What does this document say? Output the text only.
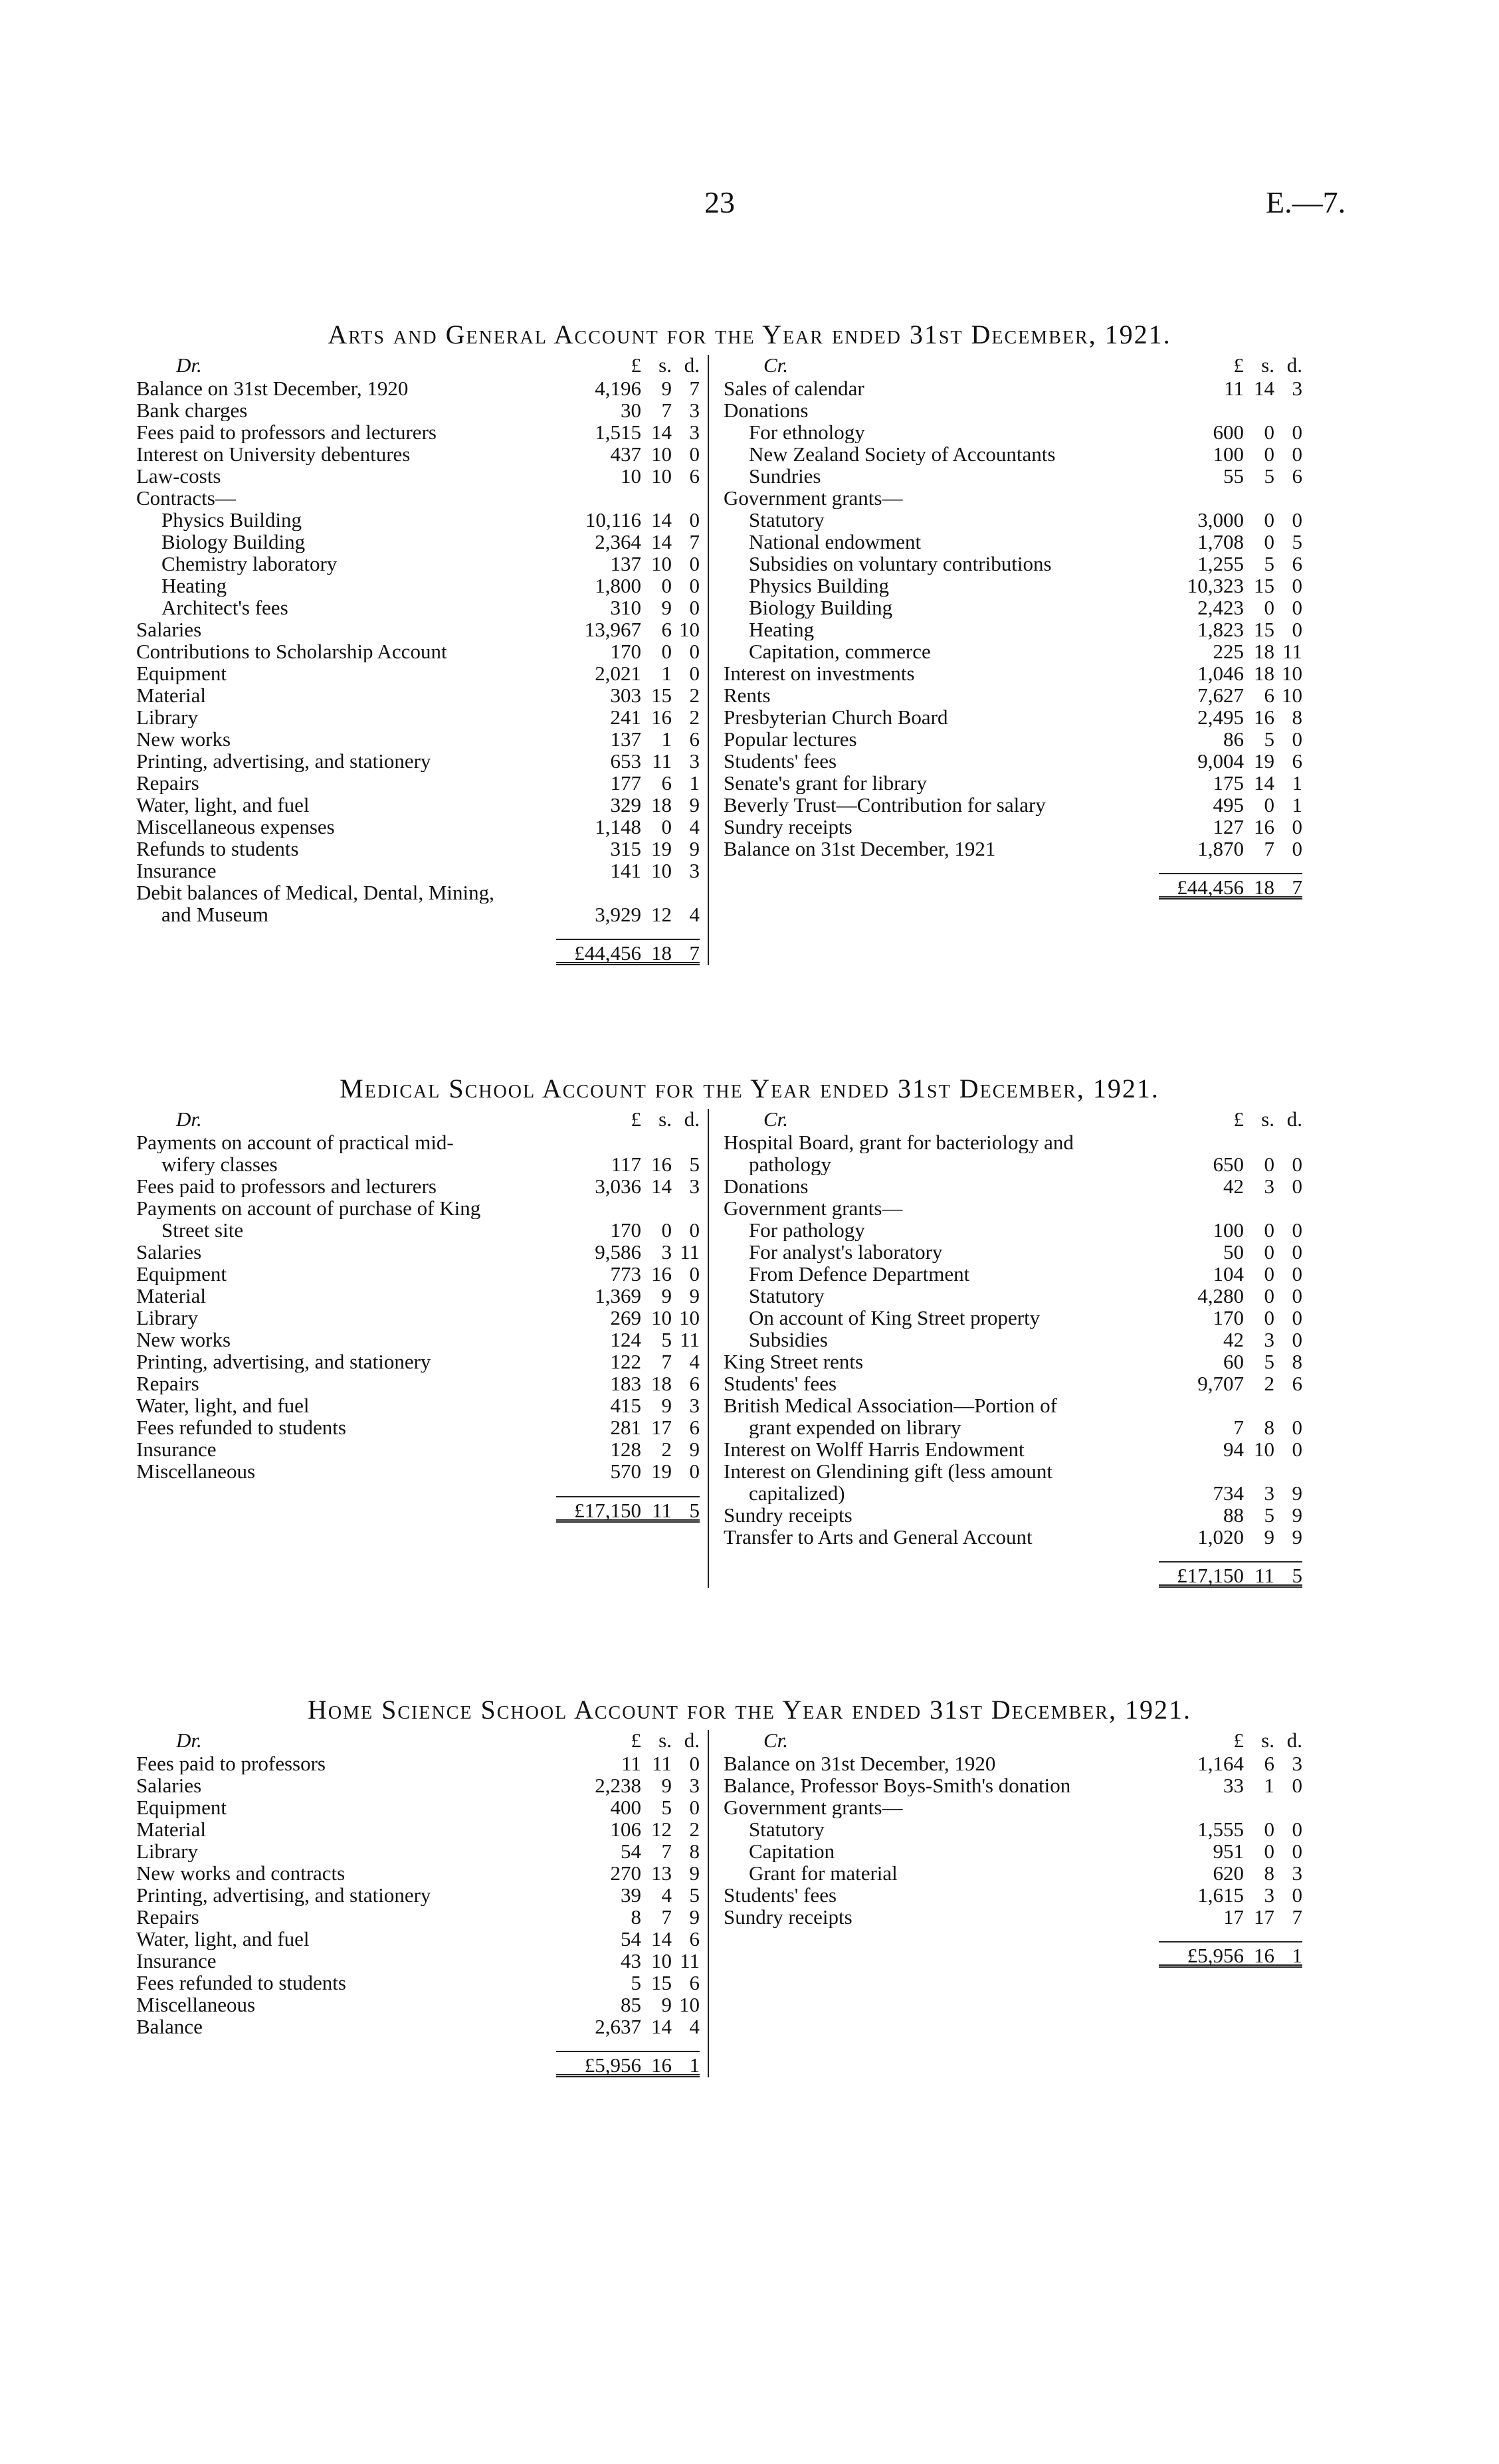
23	E.—7.
Arts and General Account for the Year ended 31st December, 1921.
Dr.	£ s. d.
Balance on 31st December, 1920	4,196 9 7
Bank charges	30 7 3
Fees paid to professors and lecturers	1,515 14 3
Interest on University debentures	437 10 0
Law-costs	10 10 6
Contracts—
Physics Building	10,116 14 0
Biology Building	2,364 14 7
Chemistry laboratory	137 10 0
Heating	1,800 0 0
Architect's fees	310 9 0
Salaries	13,967 6 10
Contributions to Scholarship Account	170 0 0
Equipment	2,021 1 0
Material	303 15 2
Library	241 16 2
New works	137 1 6
Printing, advertising, and stationery	653 11 3
Repairs	177 6 1
Water, light, and fuel	329 18 9
Miscellaneous expenses	1,148 0 4
Refunds to students	315 19 9
Insurance	141 10 3
Debit balances of Medical, Dental, Mining,
and Museum	3,929 12 4
£44,456 18 7
Cr.	£ s. d.
Sales of calendar	11 14 3
Donations
For ethnology	600 0 0
New Zealand Society of Accountants	100 0 0
Sundries	55 5 6
Government grants—
Statutory	3,000 0 0
National endowment	1,708 0 5
Subsidies on voluntary contributions	1,255 5 6
Physics Building	10,323 15 0
Biology Building	2,423 0 0
Heating	1,823 15 0
Capitation, commerce	225 18 11
Interest on investments	1,046 18 10
Rents	7,627 6 10
Presbyterian Church Board	2,495 16 8
Popular lectures	86 5 0
Students' fees	9,004 19 6
Senate's grant for library	175 14 1
Beverly Trust—Contribution for salary	495 0 1
Sundry receipts	127 16 0
Balance on 31st December, 1921	1,870 7 0
£44,456 18 7
Medical School Account for the Year ended 31st December, 1921.
Dr.	£ s. d.
Payments on account of practical mid-
wifery classes	117 16 5
Fees paid to professors and lecturers	3,036 14 3
Payments on account of purchase of King
Street site	170 0 0
Salaries	9,586 3 11
Equipment	773 16 0
Material	1,369 9 9
Library	269 10 10
New works	124 5 11
Printing, advertising, and stationery	122 7 4
Repairs	183 18 6
Water, light, and fuel	415 9 3
Fees refunded to students	281 17 6
Insurance	128 2 9
Miscellaneous	570 19 0
£17,150 11 5
Cr.	£ s. d.
Hospital Board, grant for bacteriology and
pathology	650 0 0
Donations	42 3 0
Government grants—
For pathology	100 0 0
For analyst's laboratory	50 0 0
From Defence Department	104 0 0
Statutory	4,280 0 0
On account of King Street property	170 0 0
Subsidies	42 3 0
King Street rents	60 5 8
Students' fees	9,707 2 6
British Medical Association—Portion of
grant expended on library	7 8 0
Interest on Wolff Harris Endowment	94 10 0
Interest on Glendining gift (less amount
capitalized)	734 3 9
Sundry receipts	88 5 9
Transfer to Arts and General Account	1,020 9 9
£17,150 11 5
Home Science School Account for the Year ended 31st December, 1921.
Dr.	£ s. d.
Fees paid to professors	11 11 0
Salaries	2,238 9 3
Equipment	400 5 0
Material	106 12 2
Library	54 7 8
New works and contracts	270 13 9
Printing, advertising, and stationery	39 4 5
Repairs	8 7 9
Water, light, and fuel	54 14 6
Insurance	43 10 11
Fees refunded to students	5 15 6
Miscellaneous	85 9 10
Balance	2,637 14 4
£5,956 16 1
Cr.	£ s. d.
Balance on 31st December, 1920	1,164 6 3
Balance, Professor Boys-Smith's donation	33 1 0
Government grants—
Statutory	1,555 0 0
Capitation	951 0 0
Grant for material	620 8 3
Students' fees	1,615 3 0
Sundry receipts	17 17 7
£5,956 16 1
